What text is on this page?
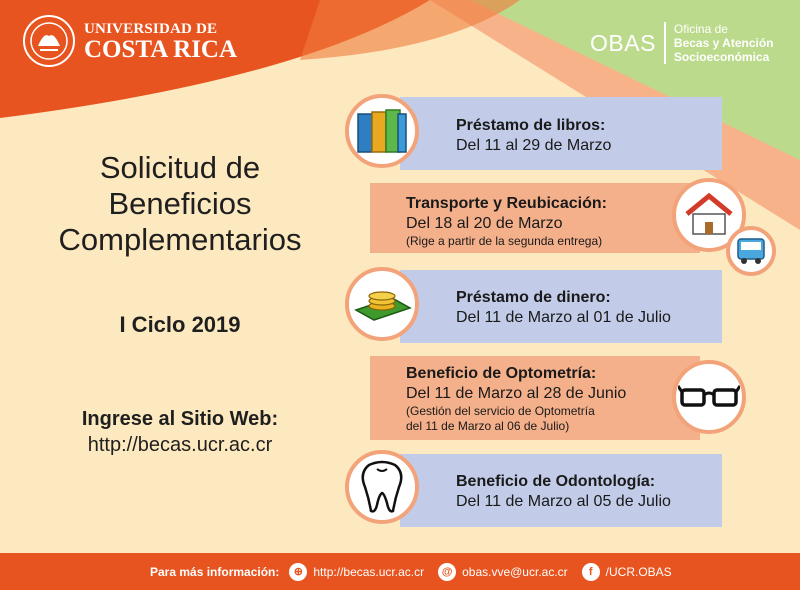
UNIVERSIDAD DE
COSTA RICA	OBAS
Oficina de
Becas y Atención
Socioeconómica
Solicitud de
Beneficios
Complementarios
I Ciclo 2019
Ingrese al Sitio Web:
http://becas.ucr.ac.cr
Préstamo de libros:
Del 11 al 29 de Marzo
Transporte y Reubicación:
Del 18 al 20 de Marzo
(Rige a partir de la segunda entrega)
Préstamo de dinero:
Del 11 de Marzo al 01 de Julio
Beneficio de Optometría:
Del 11 de Marzo al 28 de Junio
(Gestión del servicio de Optometría
del 11 de Marzo al 06 de Julio)
Beneficio de Odontología:
Del 11 de Marzo al 05 de Julio
Para más información:	⊕ http://becas.ucr.ac.cr	@ obas.vve@ucr.ac.cr	f	/UCR.OBAS
